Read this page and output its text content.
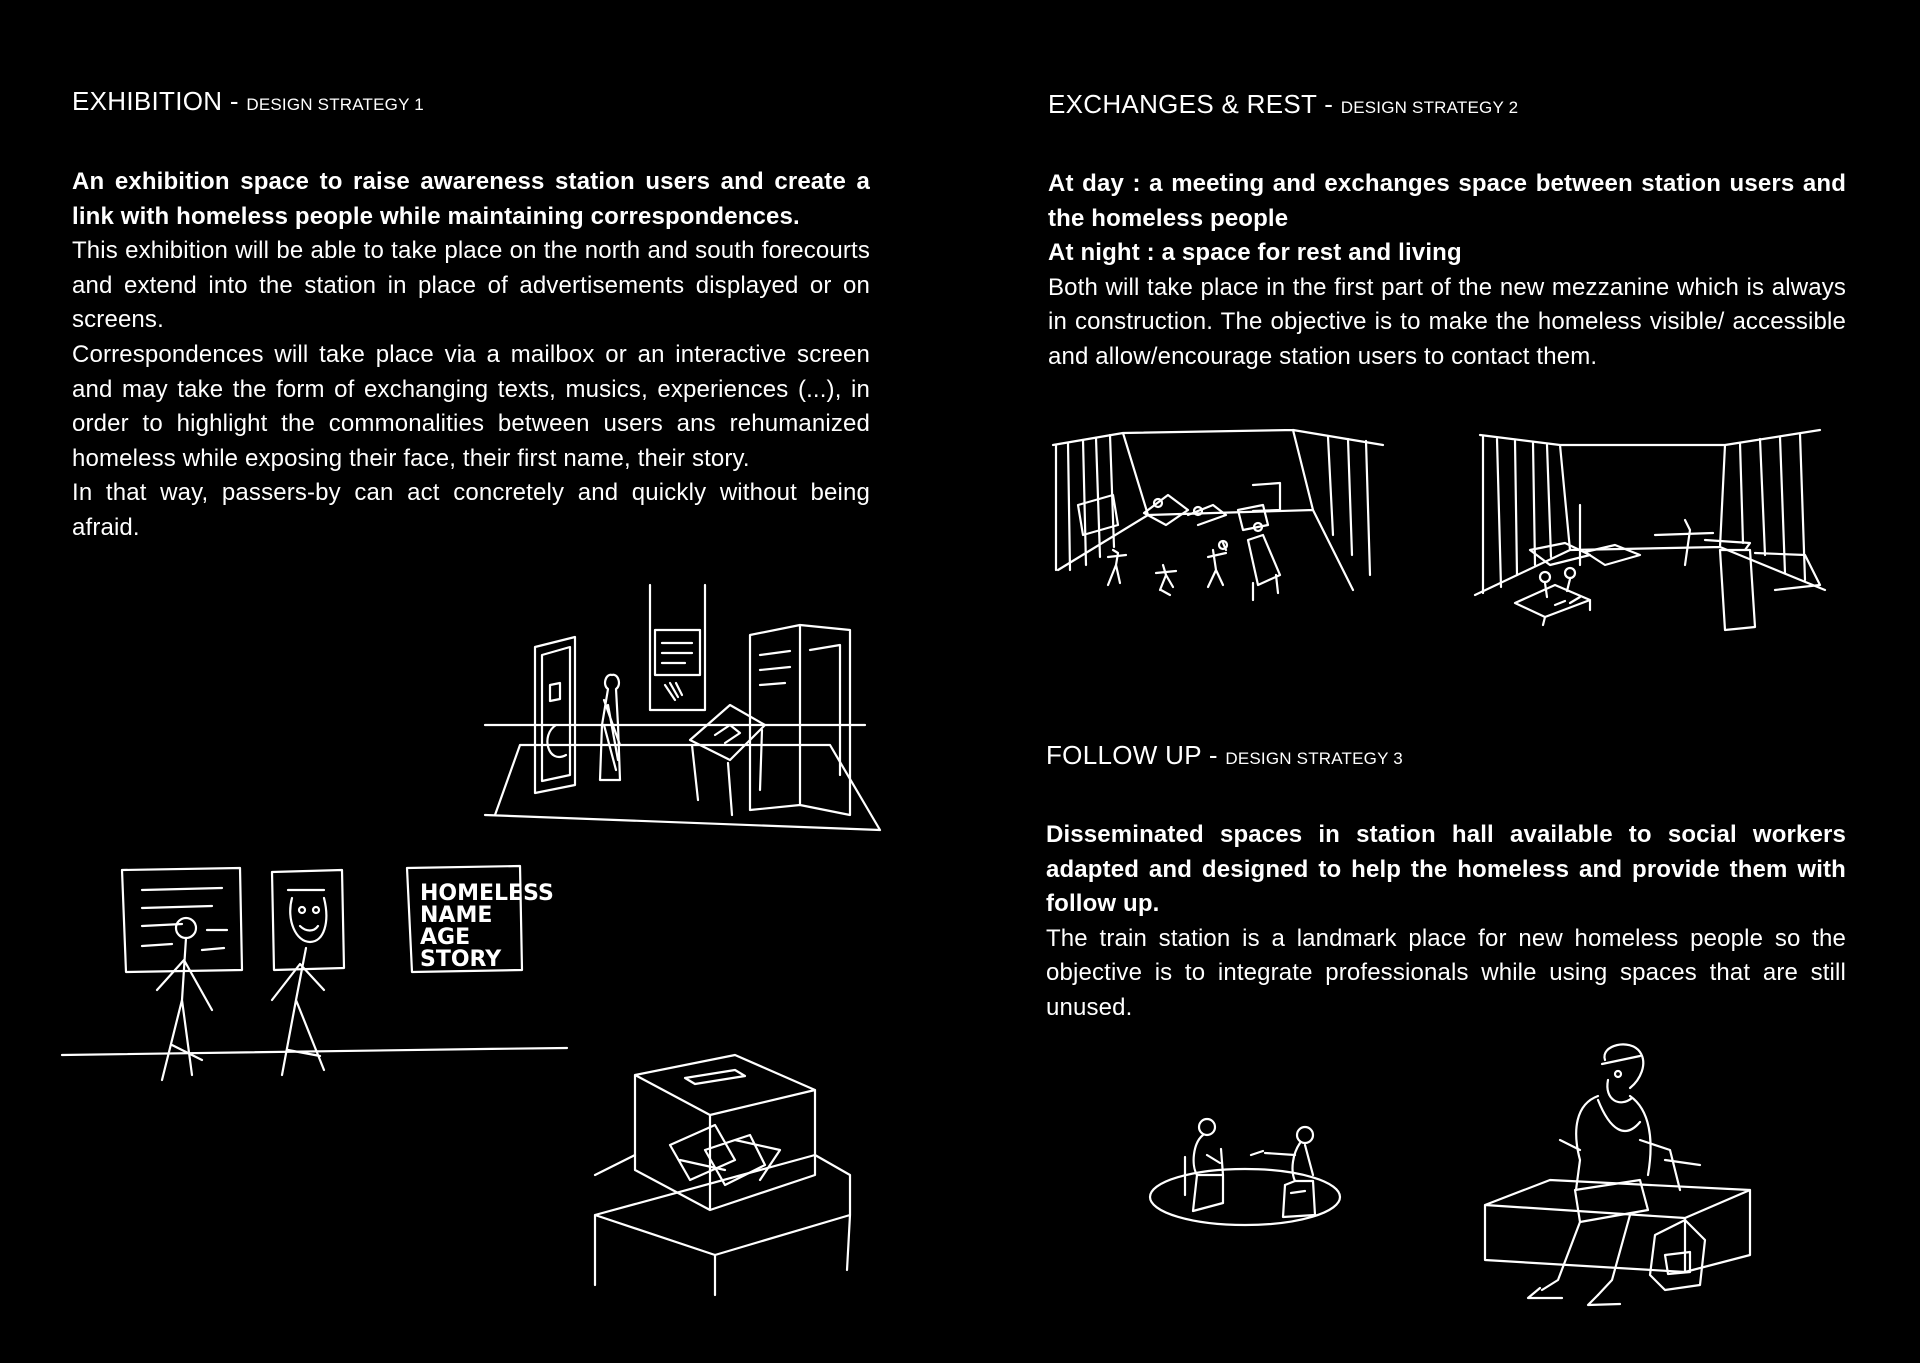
EXHIBITION - DESIGN STRATEGY 1

An exhibition space to raise awareness station users and create a link with homeless people while maintaining correspondences.

This exhibition will be able to take place on the north and south forecourts and extend into the station in place of advertisements displayed or on screens.

Correspondences will take place via a mailbox or an interactive screen and may take the form of exchanging texts, musics, experiences (...), in order to highlight the commonalities between users ans rehumanized homeless while exposing their face, their first name, their story.

In that way, passers-by can act concretely and quickly without being afraid.

HOMELESS
NAME
AGE
STORY
EXCHANGES & REST - DESIGN STRATEGY 2

At day : a meeting and exchanges space between station users and the homeless people

At night : a space for rest and living

Both will take place in the first part of the new mezzanine which is always in construction. The objective is to make the homeless visible/ accessible and allow/encourage station users to contact them.

FOLLOW UP - DESIGN STRATEGY 3

Disseminated spaces in station hall available to social workers adapted and designed to help the homeless and provide them with follow up.

The train station is a landmark place for new homeless people so the objective is to integrate professionals while using spaces that are still unused.
